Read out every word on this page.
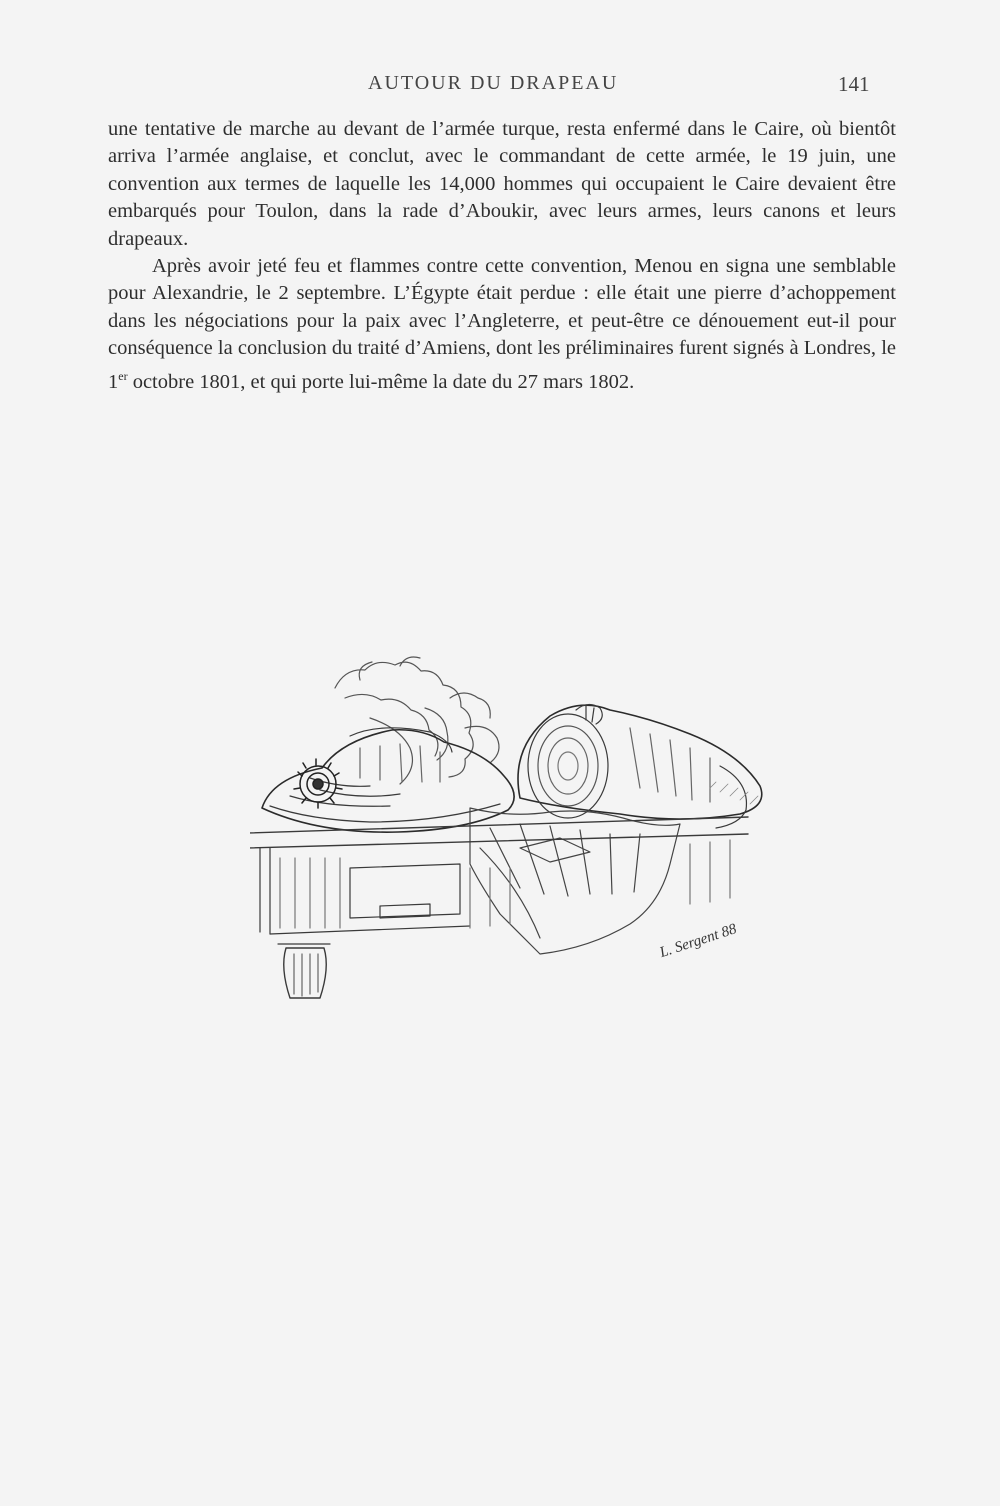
AUTOUR DU DRAPEAU	141

une tentative de marche au devant de l’armée turque, resta enfermé dans le Caire, où bientôt arriva l’armée anglaise, et conclut, avec le commandant de cette armée, le 19 juin, une convention aux termes de laquelle les 14,000 hommes qui occupaient le Caire devaient être embarqués pour Toulon, dans la rade d’Aboukir, avec leurs armes, leurs canons et leurs drapeaux.

Après avoir jeté feu et flammes contre cette convention, Menou en signa une semblable pour Alexandrie, le 2 septembre. L’Égypte était perdue : elle était une pierre d’achoppement dans les négociations pour la paix avec l’Angleterre, et peut-être ce dénouement eut-il pour conséquence la conclusion du traité d’Amiens, dont les préliminaires furent signés à Londres, le 1er octobre 1801, et qui porte lui-même la date du 27 mars 1802.

L. Sergent 88
